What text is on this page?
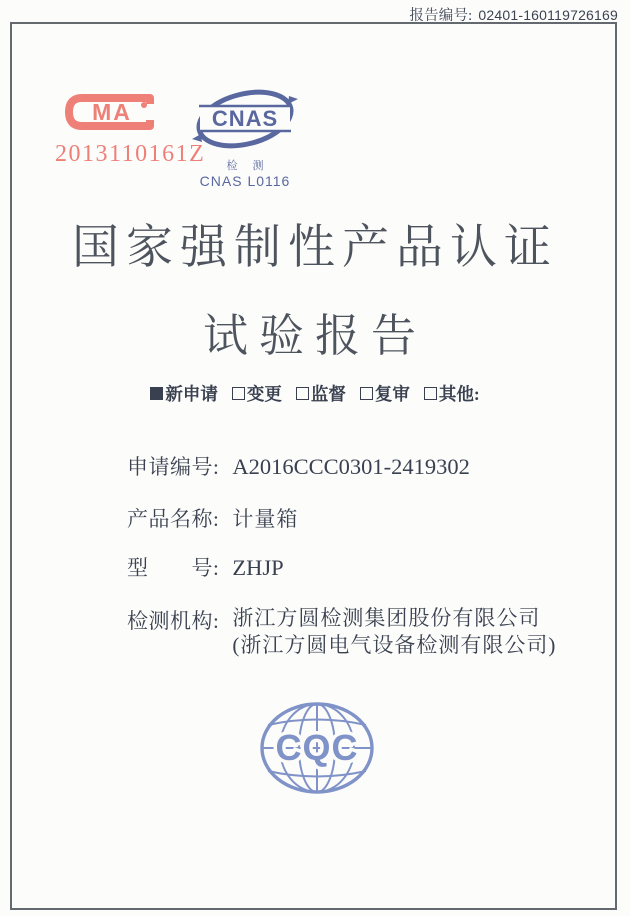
报告编号: 02401-160119726169
MA
2013110161Z
CNAS
检 测
CNAS L0116
国家强制性产品认证
试验报告
新申请 变更 监督 复审 其他:
申请编号: A2016CCC0301-2419302
产品名称: 计量箱
型　　号: ZHJP
检测机构: 浙江方圆检测集团股份有限公司
(浙江方圆电气设备检测有限公司)
CQC
